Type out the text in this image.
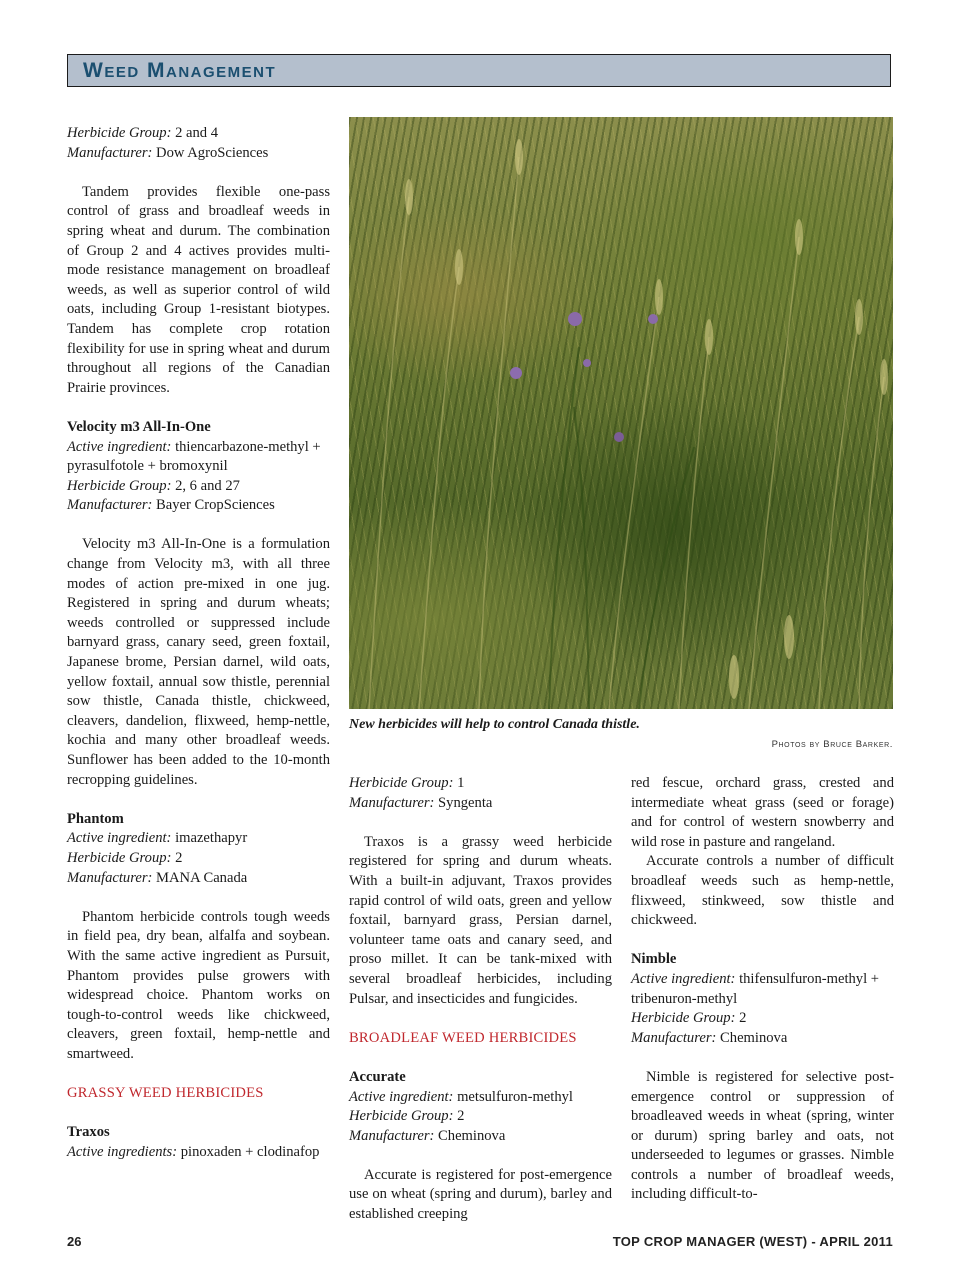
Weed Management

Herbicide Group: 2 and 4

Manufacturer: Dow AgroSciences

Tandem provides flexible one-pass control of grass and broadleaf weeds in spring wheat and durum. The combination of Group 2 and 4 actives provides multi-mode resistance management on broadleaf weeds, as well as superior control of wild oats, including Group 1-resistant biotypes. Tandem has complete crop rotation flexibility for use in spring wheat and durum throughout all regions of the Canadian Prairie provinces.

Velocity m3 All-In-One

Active ingredient: thiencarbazone-methyl + pyrasulfotole + bromoxynil

Herbicide Group: 2, 6 and 27

Manufacturer: Bayer CropSciences

Velocity m3 All-In-One is a formulation change from Velocity m3, with all three modes of action pre-mixed in one jug. Registered in spring and durum wheats; weeds controlled or suppressed include barnyard grass, canary seed, green foxtail, Japanese brome, Persian darnel, wild oats, yellow foxtail, annual sow thistle, perennial sow thistle, Canada thistle, chickweed, cleavers, dandelion, flixweed, hemp-nettle, kochia and many other broadleaf weeds. Sunflower has been added to the 10-month recropping guidelines.

Phantom

Active ingredient: imazethapyr

Herbicide Group: 2

Manufacturer: MANA Canada

Phantom herbicide controls tough weeds in field pea, dry bean, alfalfa and soybean. With the same active ingredient as Pursuit, Phantom provides pulse growers with widespread choice. Phantom works on tough-to-control weeds like chickweed, cleavers, green foxtail, hemp-nettle and smartweed.

GRASSY WEED HERBICIDES

Traxos

Active ingredients: pinoxaden + clodinafop

New herbicides will help to control Canada thistle.
Photos by Bruce Barker.

Herbicide Group: 1

Manufacturer: Syngenta

Traxos is a grassy weed herbicide registered for spring and durum wheats. With a built-in adjuvant, Traxos provides rapid control of wild oats, green and yellow foxtail, barnyard grass, Persian darnel, volunteer tame oats and canary seed, and proso millet. It can be tank-mixed with several broadleaf herbicides, including Pulsar, and insecticides and fungicides.

BROADLEAF WEED HERBICIDES

Accurate

Active ingredient: metsulfuron-methyl

Herbicide Group: 2

Manufacturer: Cheminova

Accurate is registered for post-emergence use on wheat (spring and durum), barley and established creeping

red fescue, orchard grass, crested and intermediate wheat grass (seed or forage) and for control of western snowberry and wild rose in pasture and rangeland.

Accurate controls a number of difficult broadleaf weeds such as hemp-nettle, flixweed, stinkweed, sow thistle and chickweed.

Nimble

Active ingredient: thifensulfuron-methyl + tribenuron-methyl

Herbicide Group: 2

Manufacturer: Cheminova

Nimble is registered for selective post-emergence control or suppression of broadleaved weeds in wheat (spring, winter or durum) spring barley and oats, not underseeded to legumes or grasses. Nimble controls a number of broadleaf weeds, including difficult-to-

26	TOP CROP MANAGER (WEST) - APRIL 2011
